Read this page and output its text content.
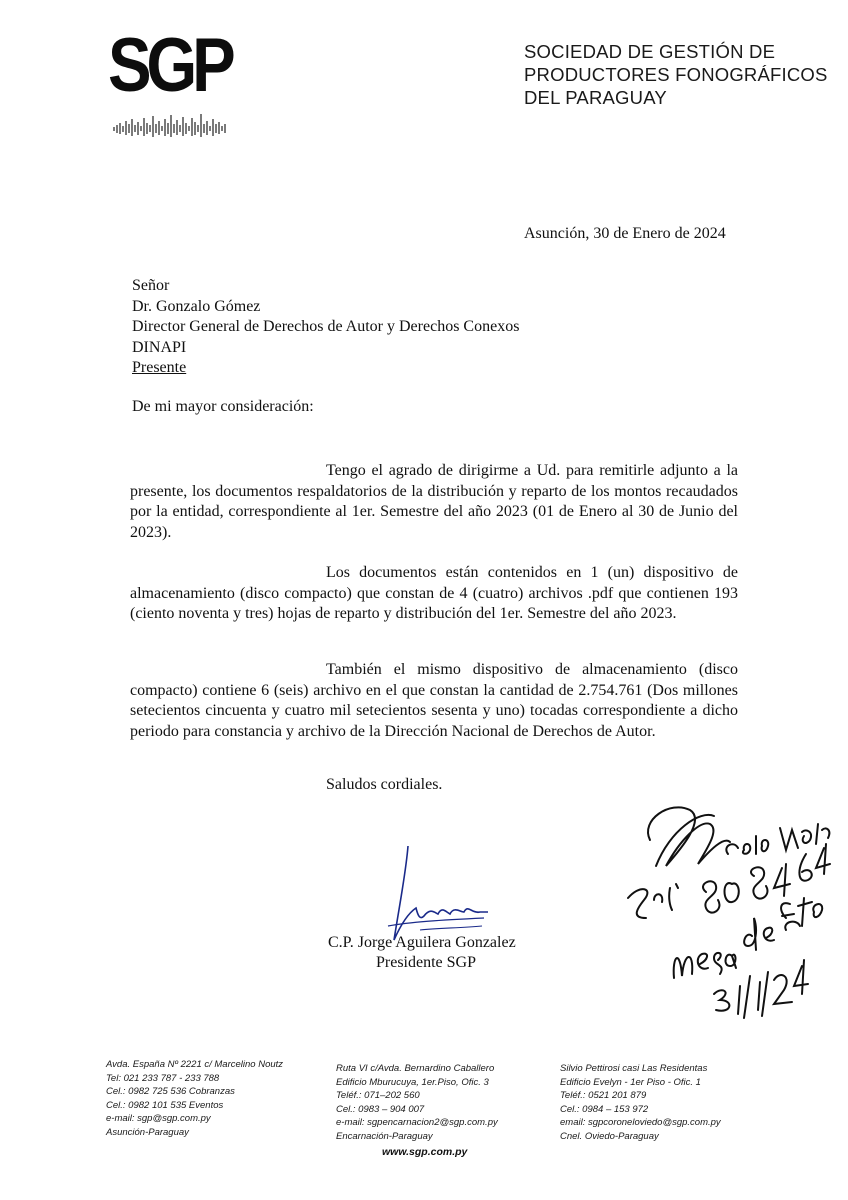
SGP	SOCIEDAD DE GESTIÓN DE
PRODUCTORES FONOGRÁFICOS
DEL PARAGUAY
Asunción, 30 de Enero de 2024
Señor
Dr. Gonzalo Gómez
Director General de Derechos de Autor y Derechos Conexos
DINAPI
Presente
De mi mayor consideración:
Tengo el agrado de dirigirme a Ud. para remitirle adjunto a la presente, los documentos respaldatorios de la distribución y reparto de los montos recaudados por la entidad, correspondiente al 1er. Semestre del año 2023 (01 de Enero al 30 de Junio del 2023).
Los documentos están contenidos en 1 (un) dispositivo de almacenamiento (disco compacto) que constan de 4 (cuatro) archivos .pdf que contienen 193 (ciento noventa y tres) hojas de reparto y distribución del 1er. Semestre del año 2023.
También el mismo dispositivo de almacenamiento (disco compacto) contiene 6 (seis) archivo en el que constan la cantidad de 2.754.761 (Dos millones setecientos cincuenta y cuatro mil setecientos sesenta y uno) tocadas correspondiente a dicho periodo para constancia y archivo de la Dirección Nacional de Derechos de Autor.
Saludos cordiales.
C.P. Jorge Aguilera Gonzalez
Presidente SGP
Avda. España Nº 2221 c/ Marcelino Noutz
Tel: 021 233 787 - 233 788
Cel.: 0982 725 536 Cobranzas
Cel.: 0982 101 535 Eventos
e-mail: sgp@sgp.com.py
Asunción-Paraguay
Ruta VI c/Avda. Bernardino Caballero
Edificio Mburucuya, 1er.Piso, Ofic. 3
Teléf.: 071–202 560
Cel.: 0983 – 904 007
e-mail: sgpencarnacion2@sgp.com.py
Encarnación-Paraguay
Silvio Pettirosi casi Las Residentas
Edificio Evelyn - 1er Piso - Ofic. 1
Teléf.: 0521 201 879
Cel.: 0984 – 153 972
email: sgpcoroneloviedo@sgp.com.py
Cnel. Oviedo-Paraguay
www.sgp.com.py
